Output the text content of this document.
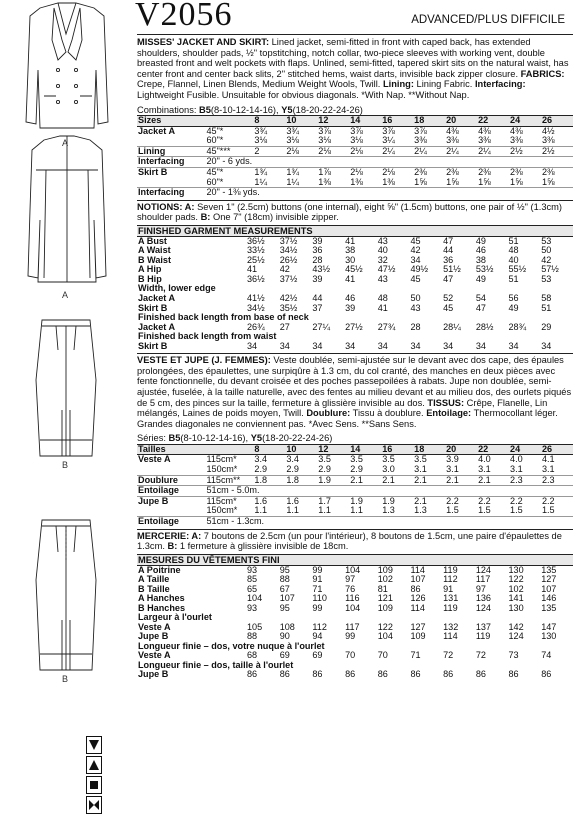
A
A
B
B
V2056	ADVANCED/PLUS DIFFICILE

MISSES' JACKET AND SKIRT: Lined jacket, semi-fitted in front with caped back, has extended shoulders, shoulder pads, ½" topstitching, notch collar, two-piece sleeves with working vent, double breasted front and welt pockets with flaps. Unlined, semi-fitted, tapered skirt sits on the natural waist, has center front and center back slits, 2" stitched hems, waist darts, invisible back zipper closure. FABRICS: Crepe, Flannel, Linen Blends, Medium Weight Wools, Twill. Lining: Lining Fabric. Interfacing: Lightweight Fusible. Unsuitable for obvious diagonals. *With Nap. **Without Nap.

Combinations: B5(8-10-12-14-16), Y5(18-20-22-24-26)
Sizes		8	10	12	14	16	18	20	22	24	26
Jacket A	45"*	3¾	3¾	3⅞	3⅞	3⅞	3⅞	4⅜	4⅜	4⅜	4½
	60"*	3⅛	3⅛	3⅛	3⅛	3¼	3⅜	3⅜	3⅜	3⅜	3⅜
Lining	45"***	2	2⅛	2⅛	2⅛	2¼	2¼	2¼	2¼	2½	2½
Interfacing	20" - 6 yds.										
Skirt B	45"*	1¾	1¾	1⅞	2⅛	2⅛	2⅜	2⅜	2⅜	2⅜	2⅜
	60"*	1¼	1¼	1⅜	1⅜	1⅜	1⅝	1⅝	1⅝	1⅝	1⅝
Interfacing	20" - 1⅜ yds.										

NOTIONS: A: Seven 1" (2.5cm) buttons (one internal), eight ⅝" (1.5cm) buttons, one pair of ½" (1.3cm) shoulder pads. B: One 7" (18cm) invisible zipper.

FINISHED GARMENT MEASUREMENTS
A Bust	36½	37½	39	41	43	45	47	49	51	53
A Waist	33½	34½	36	38	40	42	44	46	48	50
B Waist	25½	26½	28	30	32	34	36	38	40	42
A Hip	41	42	43½	45½	47½	49½	51½	53½	55½	57½
B Hip	36½	37½	39	41	43	45	47	49	51	53
Width, lower edge
Jacket A	41½	42½	44	46	48	50	52	54	56	58
Skirt B	34½	35½	37	39	41	43	45	47	49	51
Finished back length from base of neck
Jacket A	26¾	27	27¼	27½	27¾	28	28¼	28½	28¾	29
Finished back length from waist
Skirt B	34	34	34	34	34	34	34	34	34	34

VESTE ET JUPE (J. FEMMES): Veste doublée, semi-ajustée sur le devant avec dos cape, des épaules prolongées, des épaulettes, une surpiqûre à 1.3 cm, du col cranté, des manches en deux pièces avec fente fonctionnelle, du devant croisée et des poches passepoilées à rabats. Jupe non doublée, semi-ajustée, fuselée, à la taille naturelle, avec des fentes au milieu devant et au milieu dos, des ourlets piqués de 5 cm, des pinces sur la taille, fermeture à glissière invisible au dos. TISSUS: Crêpe, Flanelle, Lin mélangés, Laines de poids moyen, Twill. Doublure: Tissu à doublure. Entoilage: Thermocollant léger. Grandes diagonales ne conviennent pas. *Avec Sens. **Sans Sens.

Séries: B5(8-10-12-14-16), Y5(18-20-22-24-26)
Tailles		8	10	12	14	16	18	20	22	24	26
Veste A	115cm*	3.4	3.4	3.5	3.5	3.5	3.5	3.9	4.0	4.0	4.1
	150cm*	2.9	2.9	2.9	2.9	3.0	3.1	3.1	3.1	3.1	3.1
Doublure	115cm**	1.8	1.8	1.9	2.1	2.1	2.1	2.1	2.1	2.3	2.3
Entoilage	51cm - 5.0m.										
Jupe B	115cm*	1.6	1.6	1.7	1.9	1.9	2.1	2.2	2.2	2.2	2.2
	150cm*	1.1	1.1	1.1	1.1	1.3	1.3	1.5	1.5	1.5	1.5
Entoilage	51cm - 1.3cm.										

MERCERIE: A: 7 boutons de 2.5cm (un pour l'intérieur), 8 boutons de 1.5cm, une paire d'épaulettes de 1.3cm. B: 1 fermeture à glissière invisible de 18cm.

MESURES DU VÊTEMENTS FINI
A Poitrine	93	95	99	104	109	114	119	124	130	135
A Taille	85	88	91	97	102	107	112	117	122	127
B Taille	65	67	71	76	81	86	91	97	102	107
A Hanches	104	107	110	116	121	126	131	136	141	146
B Hanches	93	95	99	104	109	114	119	124	130	135
Largeur à l'ourlet
Veste A	105	108	112	117	122	127	132	137	142	147
Jupe B	88	90	94	99	104	109	114	119	124	130
Longueur finie – dos, votre nuque à l'ourlet
Veste A	68	69	69	70	70	71	72	72	73	74
Longueur finie – dos, taille à l'ourlet
Jupe B	86	86	86	86	86	86	86	86	86	86
